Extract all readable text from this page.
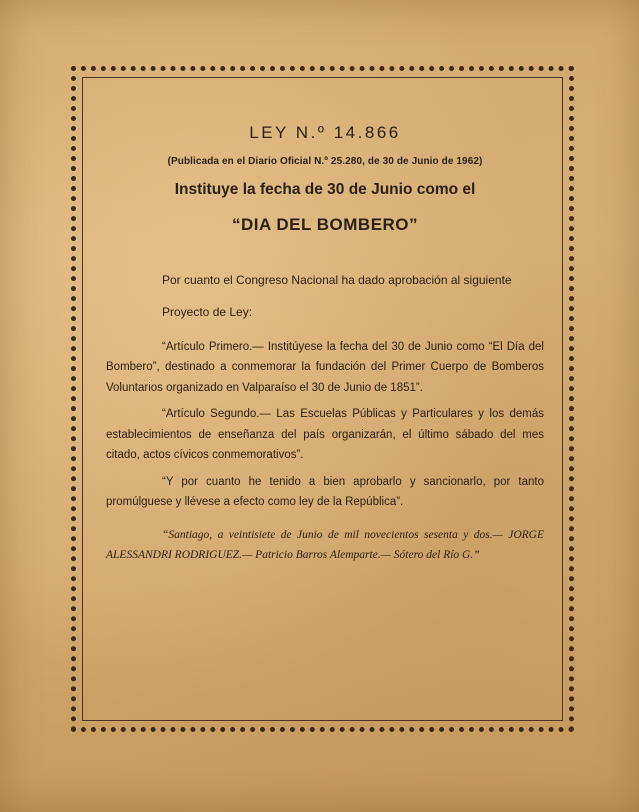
LEY N.º 14.866

(Publicada en el Diario Oficial N.º 25.280, de 30 de Junio de 1962)

Instituye la fecha de 30 de Junio como el

“DIA DEL BOMBERO”

Por cuanto el Congreso Nacional ha dado aprobación al siguiente

Proyecto de Ley:

“Artículo Primero.— Institúyese la fecha del 30 de Junio como “El Día del Bombero”, destinado a conmemorar la fundación del Primer Cuerpo de Bomberos Voluntarios organizado en Valparaíso el 30 de Junio de 1851”.

“Artículo Segundo.— Las Escuelas Públicas y Particulares y los demás establecimientos de enseñanza del país organizarán, el último sábado del mes citado, actos cívicos conmemorativos”.

“Y por cuanto he tenido a bien aprobarlo y sancionarlo, por tanto promúlguese y llévese a efecto como ley de la República”.

“Santiago, a veintisiete de Junio de mil novecientos sesenta y dos.— JORGE ALESSANDRI RODRIGUEZ.— Patricio Barros Alemparte.— Sótero del Río G.”
